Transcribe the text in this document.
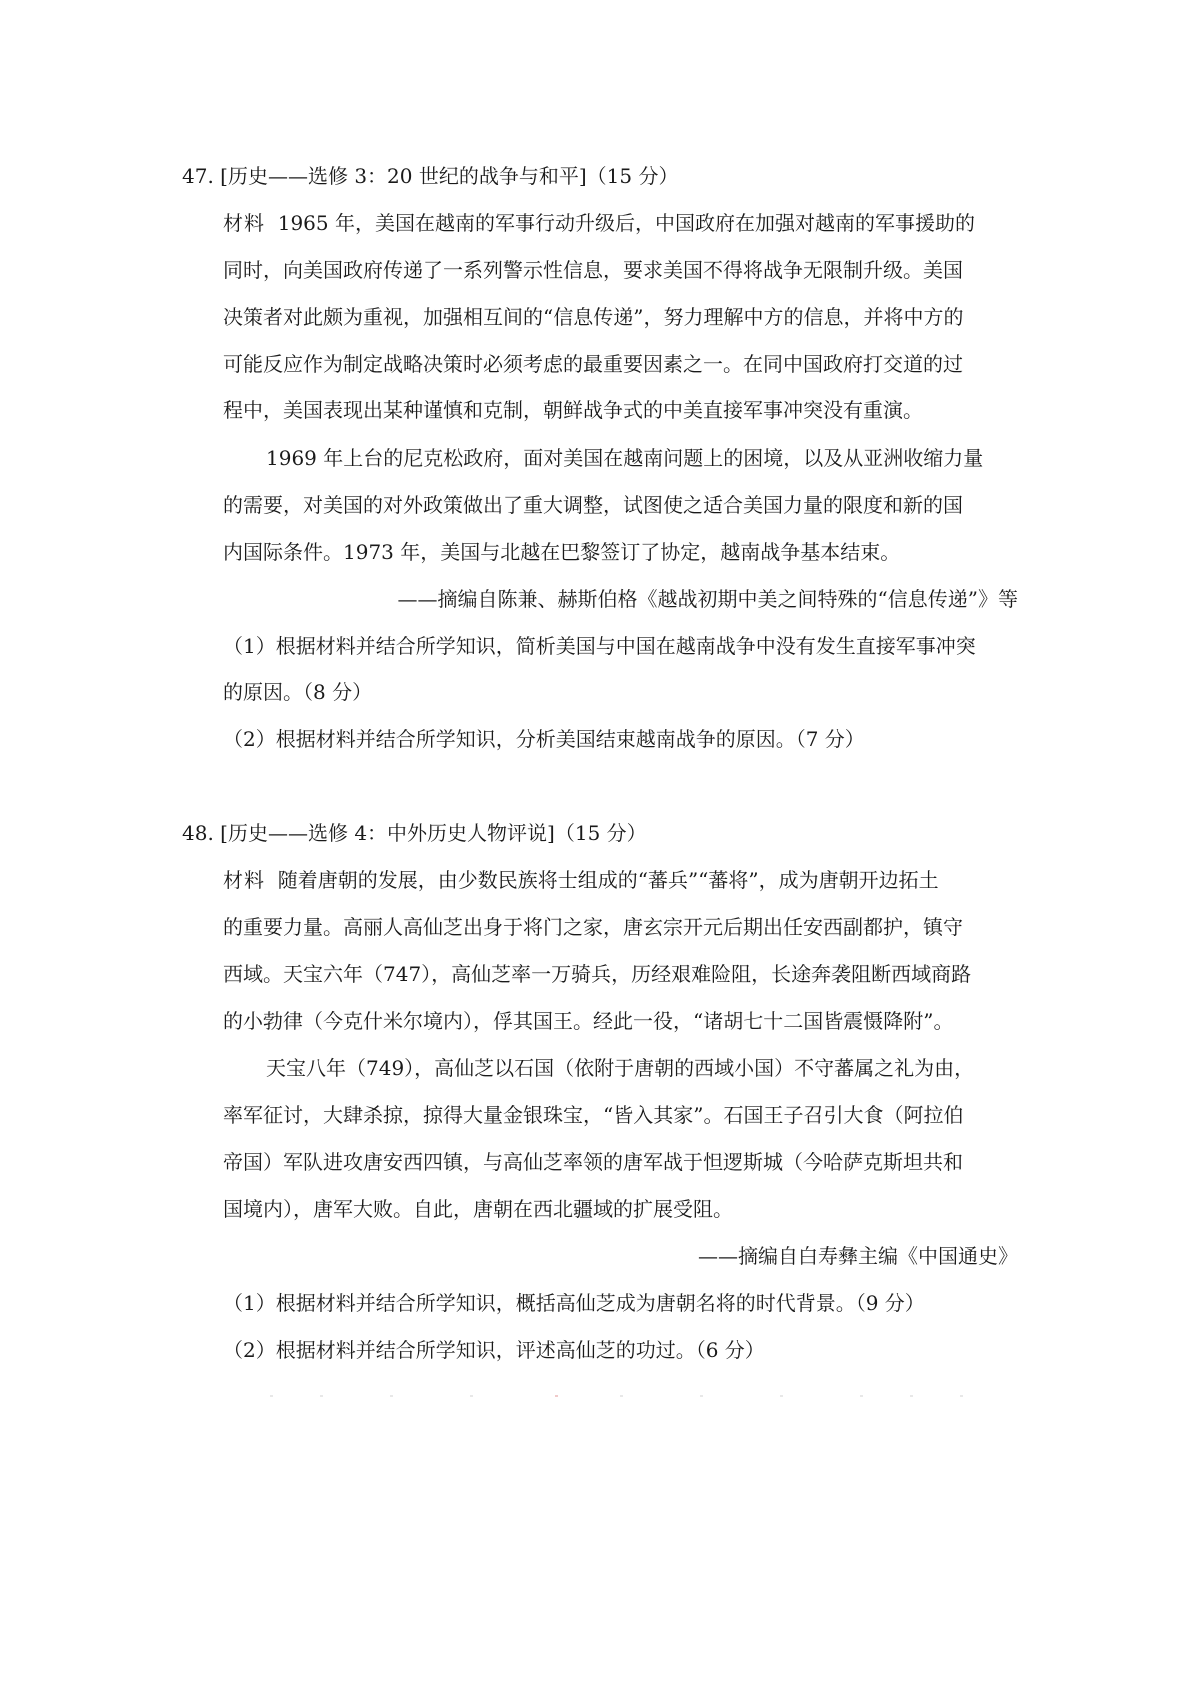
47. [历史——选修 3：20 世纪的战争与和平]（15 分）
材料 1965 年，美国在越南的军事行动升级后，中国政府在加强对越南的军事援助的
同时，向美国政府传递了一系列警示性信息，要求美国不得将战争无限制升级。美国
决策者对此颇为重视，加强相互间的“信息传递”，努力理解中方的信息，并将中方的
可能反应作为制定战略决策时必须考虑的最重要因素之一。在同中国政府打交道的过
程中，美国表现出某种谨慎和克制，朝鲜战争式的中美直接军事冲突没有重演。
1969 年上台的尼克松政府，面对美国在越南问题上的困境，以及从亚洲收缩力量
的需要，对美国的对外政策做出了重大调整，试图使之适合美国力量的限度和新的国
内国际条件。1973 年，美国与北越在巴黎签订了协定，越南战争基本结束。
——摘编自陈兼、赫斯伯格《越战初期中美之间特殊的“信息传递”》等
（1）根据材料并结合所学知识，简析美国与中国在越南战争中没有发生直接军事冲突
的原因。（8 分）
（2）根据材料并结合所学知识，分析美国结束越南战争的原因。（7 分）
48. [历史——选修 4：中外历史人物评说]（15 分）
材料 随着唐朝的发展，由少数民族将士组成的“蕃兵”“蕃将”，成为唐朝开边拓土
的重要力量。高丽人高仙芝出身于将门之家，唐玄宗开元后期出任安西副都护，镇守
西域。天宝六年（747），高仙芝率一万骑兵，历经艰难险阻，长途奔袭阻断西域商路
的小勃律（今克什米尔境内），俘其国王。经此一役，“诸胡七十二国皆震慑降附”。
天宝八年（749），高仙芝以石国（依附于唐朝的西域小国）不守蕃属之礼为由，
率军征讨，大肆杀掠，掠得大量金银珠宝，“皆入其家”。石国王子召引大食（阿拉伯
帝国）军队进攻唐安西四镇，与高仙芝率领的唐军战于怛逻斯城（今哈萨克斯坦共和
国境内），唐军大败。自此，唐朝在西北疆域的扩展受阻。
——摘编自白寿彝主编《中国通史》
（1）根据材料并结合所学知识，概括高仙芝成为唐朝名将的时代背景。（9 分）
（2）根据材料并结合所学知识，评述高仙芝的功过。（6 分）
